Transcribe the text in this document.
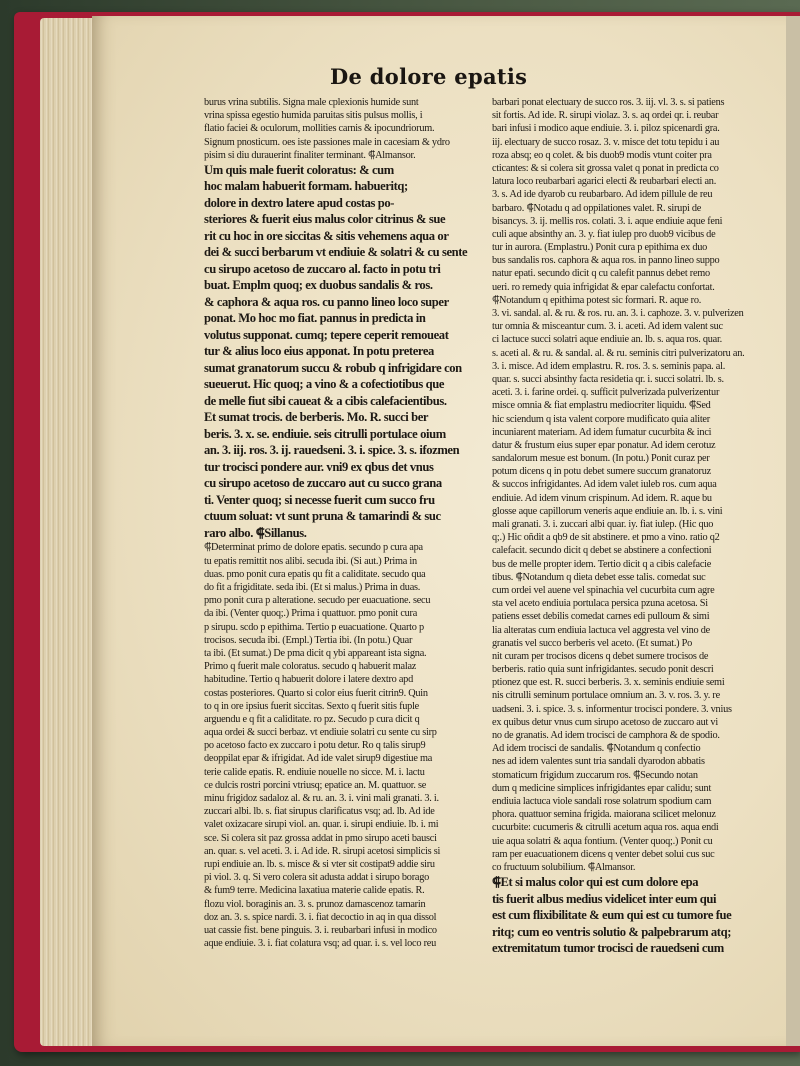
De dolore epatis
burus vrina subtilis. Signa male cplexionis humide sunt
vrina spissa egestio humida paruitas sitis pulsus mollis, i
flatio faciei & oculorum, mollities carnis & ipocundriorum.
Signum pnosticum. oes iste passiones male in cacesiam & ydro
pisim si diu durauerint finaliter terminant. ⸿Almansor.
Um quis male fuerit coloratus: & cum
hoc malam habuerit formam. habueritq;
dolore in dextro latere apud costas po-
steriores & fuerit eius malus color citrinus & sue
rit cu hoc in ore siccitas & sitis vehemens aqua or
dei & succi berbarum vt endiuie & solatri & cu sente
cu sirupo acetoso de zuccaro al. facto in potu tri
buat. Emplm quoq; ex duobus sandalis & ros.
& caphora & aqua ros. cu panno lineo loco super
ponat. Mo hoc mo fiat. pannus in predicta in
volutus supponat. cumq; tepere ceperit remoueat
tur & alius loco eius apponat. In potu preterea
sumat granatorum succu & robub q infrigidare con
sueuerut. Hic quoq; a vino & a cofectiotibus que
de melle fiut sibi caueat & a cibis calefacientibus.
Et sumat trocis. de berberis. Mo. R. succi ber
beris. 3. x. se. endiuie. seis citrulli portulace oium
an. 3. iij. ros. 3. ij. rauedseni. 3. i. spice. 3. s. ifozmen
tur trocisci pondere aur. vni9 ex qbus det vnus
cu sirupo acetoso de zuccaro aut cu succo grana
ti. Venter quoq; si necesse fuerit cum succo fru
ctuum soluat: vt sunt pruna & tamarindi & suc
raro albo. ⸿Sillanus.
⸿Determinat primo de dolore epatis. secundo p cura apa
tu epatis remittit nos alibi. secuda ibi. (Si aut.) Prima in
duas. pmo ponit cura epatis qu fit a caliditate. secudo qua
do fit a frigiditate. seda ibi. (Et si malus.) Prima in duas.
pmo ponit cura p alteratione. secudo per euacuatione. secu
da ibi. (Venter quoq;.) Prima i quattuor. pmo ponit cura
p sirupu. scdo p epithima. Tertio p euacuatione. Quarto p
trocisos. secuda ibi. (Empl.) Tertia ibi. (In potu.) Quar
ta ibi. (Et sumat.) De pma dicit q ybi appareant ista signa.
Primo q fuerit male coloratus. secudo q habuerit malaz
habitudine. Tertio q habuerit dolore i latere dextro apd
costas posteriores. Quarto si color eius fuerit citrin9. Quin
to q in ore ipsius fuerit siccitas. Sexto q fuerit sitis fuple
arguendu e q fit a caliditate. ro pz. Secudo p cura dicit q
aqua ordei & succi berbaz. vt endiuie solatri cu sente cu sirp
po acetoso facto ex zuccaro i potu detur. Ro q talis sirup9
deoppilat epar & ifrigidat. Ad ide valet sirup9 digestiue ma
terie calide epatis. R. endiuie nouelle no sicce. M. i. lactu
ce dulcis rostri porcini vtriusq; epatice an. M. quattuor. se
minu frigidoz sadaloz al. & ru. an. 3. i. vini mali granati. 3. i.
zuccari albi. lb. s. fiat sirupus clarificatus vsq; ad. lb. Ad ide
valet oxizacare sirupi viol. an. quar. i. sirupi endiuie. lb. i. mi
sce. Si colera sit paz grossa addat in pmo sirupo aceti bausci
an. quar. s. vel aceti. 3. i. Ad ide. R. sirupi acetosi simplicis si
rupi endiuie an. lb. s. misce & si vter sit costipat9 addie siru
pi viol. 3. q. Si vero colera sit adusta addat i sirupo borago
& fum9 terre. Medicina laxatiua materie calide epatis. R.
flozu viol. boraginis an. 3. s. prunoz damascenoz tamarin
doz an. 3. s. spice nardi. 3. i. fiat decoctio in aq in qua dissol
uat cassie fist. bene pinguis. 3. i. reubarbari infusi in modico
aque endiuie. 3. i. fiat colatura vsq; ad quar. i. s. vel loco reu
barbari ponat electuary de succo ros. 3. iij. vl. 3. s. si patiens
sit fortis. Ad ide. R. sirupi violaz. 3. s. aq ordei qr. i. reubar
bari infusi i modico aque endiuie. 3. i. piloz spicenardi gra.
iij. electuary de succo rosaz. 3. v. misce det totu tepidu i au
roza absq; eo q colet. & bis duob9 modis vtunt coiter pra
cticantes: & si colera sit grossa valet q ponat in predicta co
latura loco reubarbari agarici electi & reubarbari electi an.
3. s. Ad ide dyarob cu reubarbaro. Ad idem pillule de reu
barbaro. ⸿Notadu q ad oppilationes valet. R. sirupi de
bisancys. 3. ij. mellis ros. colati. 3. i. aque endiuie aque feni
culi aque absinthy an. 3. y. fiat iulep pro duob9 vicibus de
tur in aurora. (Emplastru.) Ponit cura p epithima ex duo
bus sandalis ros. caphora & aqua ros. in panno lineo suppo
natur epati. secundo dicit q cu calefit pannus debet remo
ueri. ro remedy quia infrigidat & epar calefactu confortat.
⸿Notandum q epithima potest sic formari. R. aque ro.
3. vi. sandal. al. & ru. & ros. ru. an. 3. i. caphoze. 3. v. pulverizen
tur omnia & misceantur cum. 3. i. aceti. Ad idem valent suc
ci lactuce succi solatri aque endiuie an. lb. s. aqua ros. quar.
s. aceti al. & ru. & sandal. al. & ru. seminis citri pulverizatoru an.
3. i. misce. Ad idem emplastru. R. ros. 3. s. seminis papa. al.
quar. s. succi absinthy facta residetia qr. i. succi solatri. lb. s.
aceti. 3. i. farine ordei. q. sufficit pulverizada pulverizentur
misce omnia & fiat emplastru mediocriter liquidu. ⸿Sed
hic sciendum q ista valent corpore mudificato quia aliter
incuniarent materiam. Ad idem fumatur cucurbita & inci
datur & frustum eius super epar ponatur. Ad idem cerotuz
sandalorum mesue est bonum. (In potu.) Ponit curaz per
potum dicens q in potu debet sumere succum granatoruz
& succos infrigidantes. Ad idem valet iuleb ros. cum aqua
endiuie. Ad idem vinum crispinum. Ad idem. R. aque bu
glosse aque capillorum veneris aque endiuie an. lb. i. s. vini
mali granati. 3. i. zuccari albi quar. iy. fiat iulep. (Hic quo
q;.) Hic oñdit a qb9 de sit abstinere. et pmo a vino. ratio q2
calefacit. secundo dicit q debet se abstinere a confectioni
bus de melle propter idem. Tertio dicit q a cibis calefacie
tibus. ⸿Notandum q dieta debet esse talis. comedat suc
cum ordei vel auene vel spinachia vel cucurbita cum agre
sta vel aceto endiuia portulaca persica pzuna acetosa. Si
patiens esset debilis comedat carnes edi pulloum & simi
lia alteratas cum endiuia lactuca vel aggresta vel vino de
granatis vel succo berberis vel aceto. (Et sumat.) Po
nit curam per trocisos dicens q debet sumere trocisos de
berberis. ratio quia sunt infrigidantes. secudo ponit descri
ptionez que est. R. succi berberis. 3. x. seminis endiuie semi
nis citrulli seminum portulace omnium an. 3. v. ros. 3. y. re
uadseni. 3. i. spice. 3. s. informentur trocisci pondere. 3. vnius
ex quibus detur vnus cum sirupo acetoso de zuccaro aut vi
no de granatis. Ad idem trocisci de camphora & de spodio.
Ad idem trocisci de sandalis. ⸿Notandum q confectio
nes ad idem valentes sunt tria sandali dyarodon abbatis
stomaticum frigidum zuccarum ros. ⸿Secundo notan
dum q medicine simplices infrigidantes epar calidu; sunt
endiuia lactuca viole sandali rose solatrum spodium cam
phora. quattuor semina frigida. maiorana scilicet melonuz
cucurbite: cucumeris & citrulli acetum aqua ros. aqua endi
uie aqua solatri & aqua fontium. (Venter quoq;.) Ponit cu
ram per euacuationem dicens q venter debet solui cus suc
co fructuum solubilium. ⸿Almansor.
⸿Et si malus color qui est cum dolore epa
tis fuerit albus medius videlicet inter eum qui
est cum flixibilitate & eum qui est cu tumore fue
ritq; cum eo ventris solutio & palpebrarum atq;
extremitatum tumor trocisci de rauedseni cum
